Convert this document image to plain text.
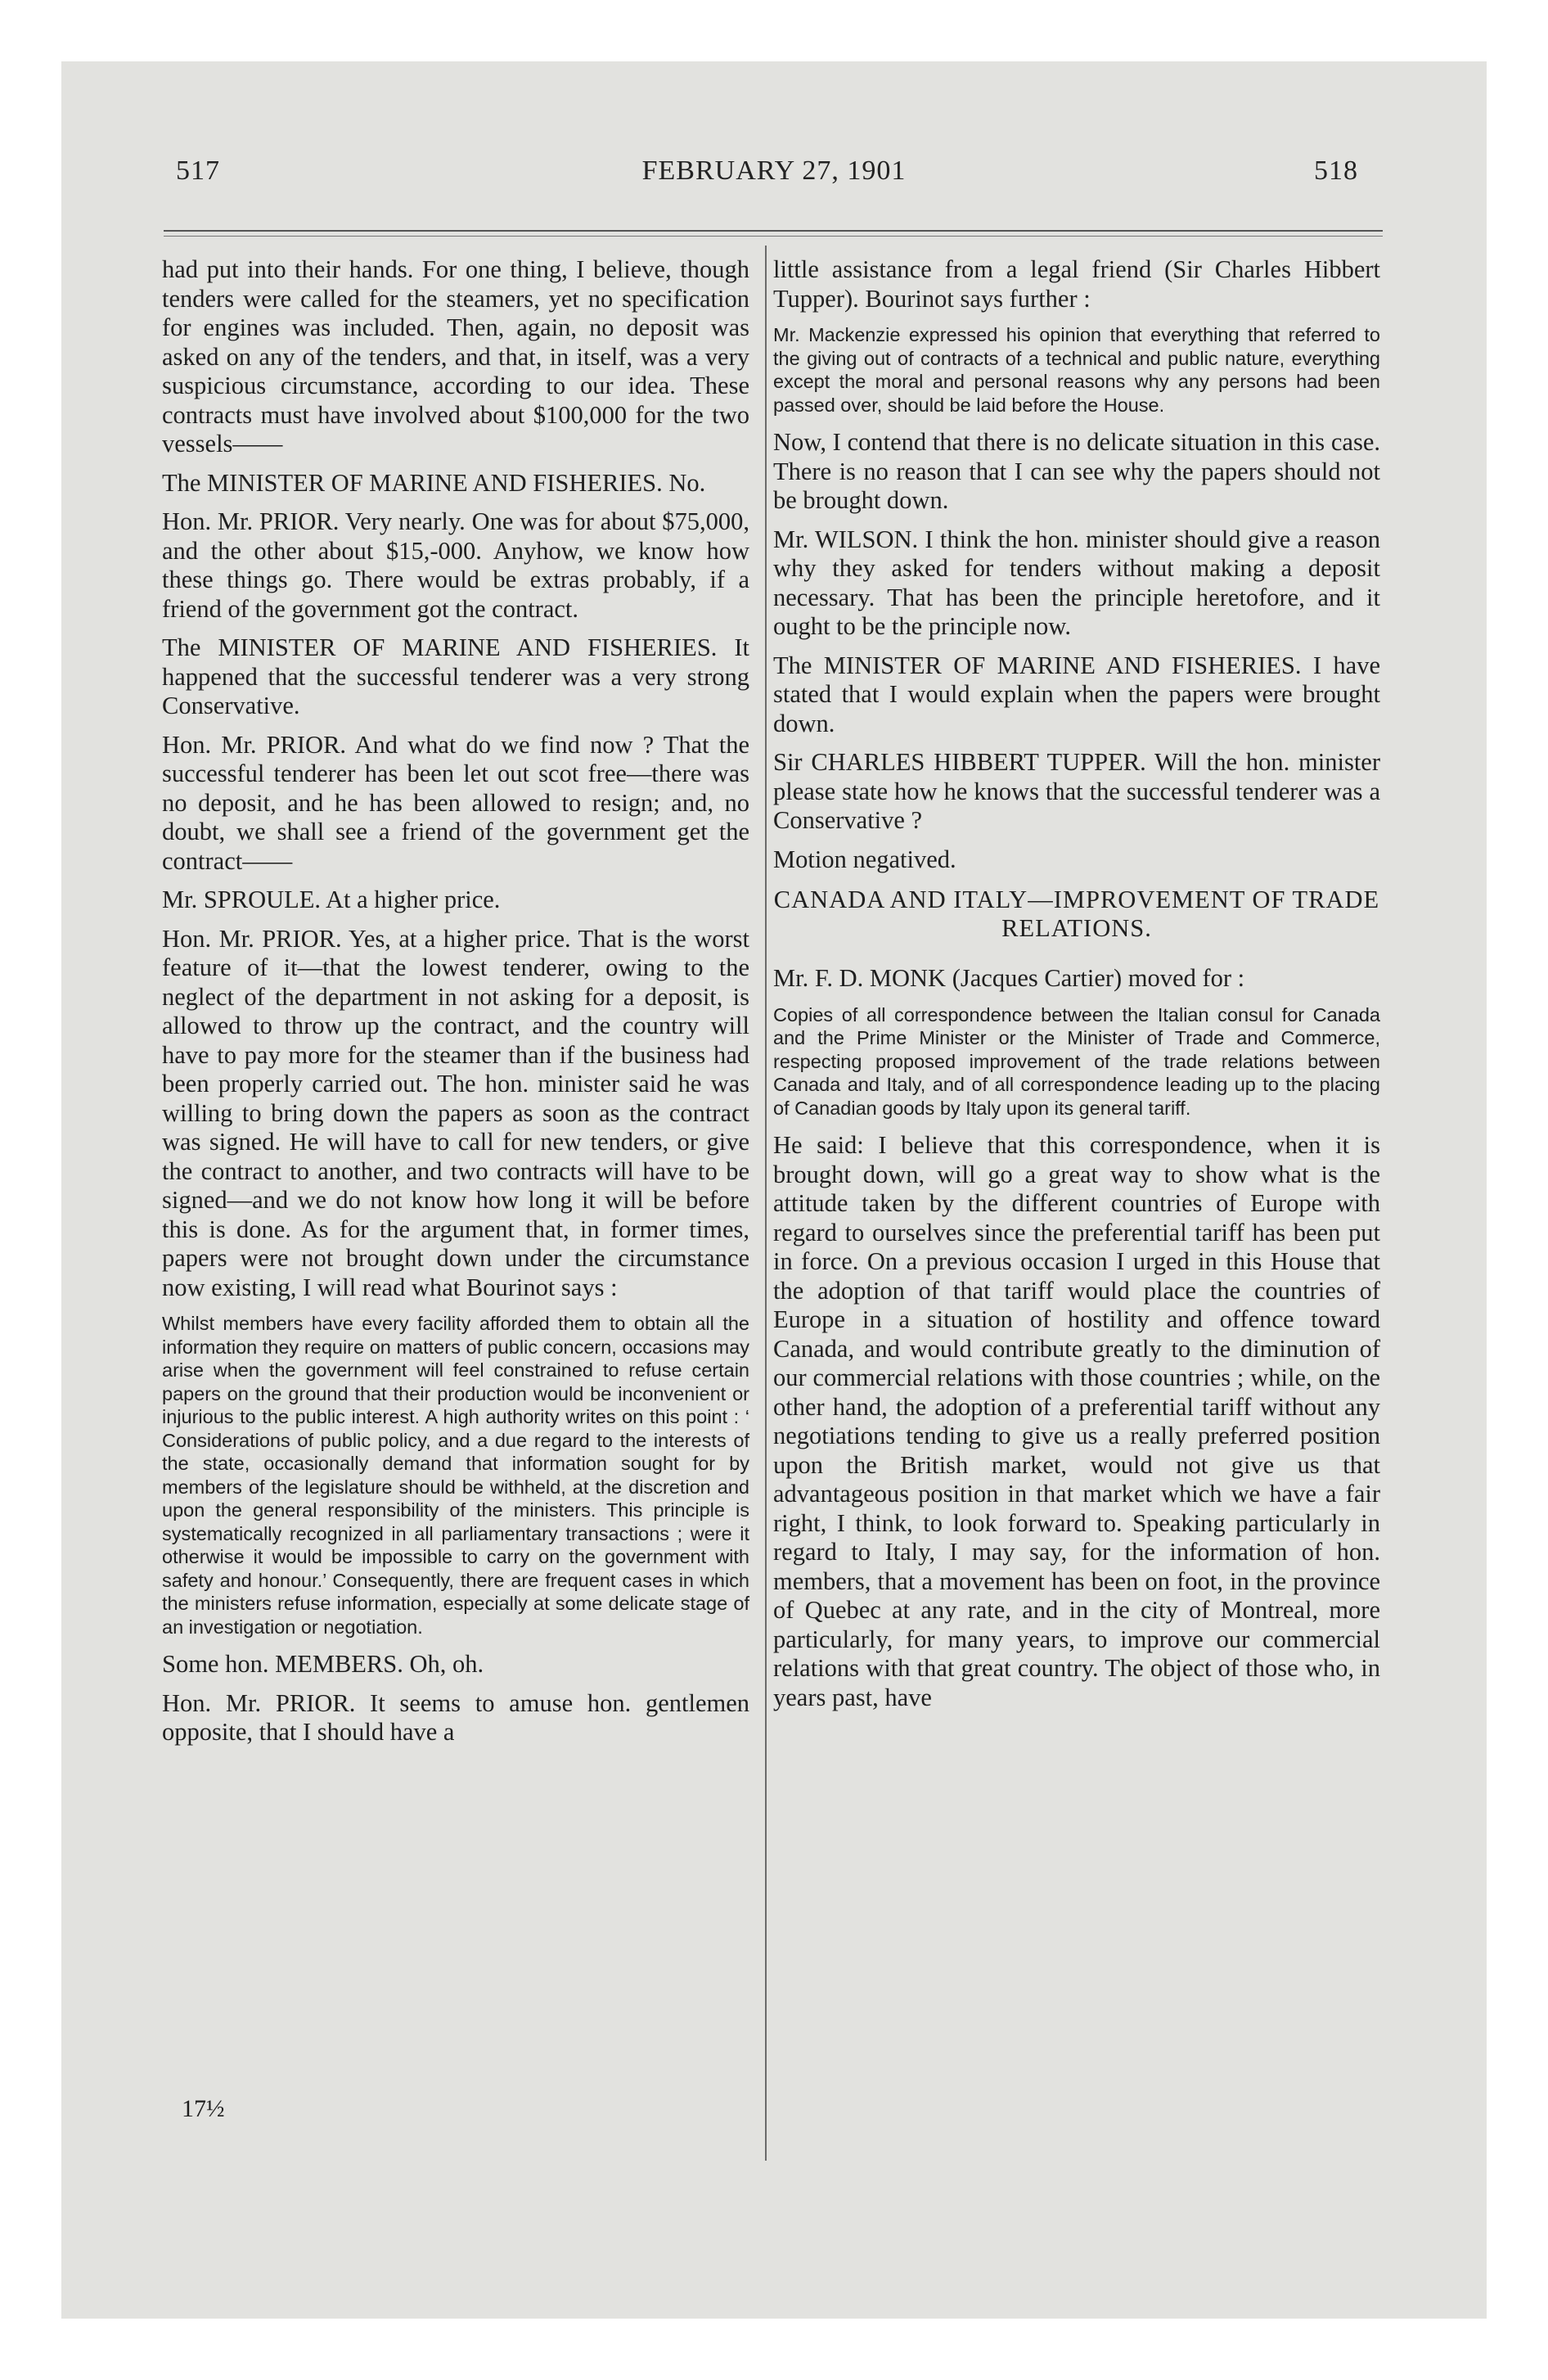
517	FEBRUARY 27, 1901	518

had put into their hands. For one thing, I believe, though tenders were called for the steamers, yet no specification for engines was included. Then, again, no deposit was asked on any of the tenders, and that, in itself, was a very suspicious circumstance, according to our idea. These contracts must have involved about $100,000 for the two vessels——

The MINISTER OF MARINE AND FISHERIES. No.

Hon. Mr. PRIOR. Very nearly. One was for about $75,000, and the other about $15,-000. Anyhow, we know how these things go. There would be extras probably, if a friend of the government got the contract.

The MINISTER OF MARINE AND FISHERIES. It happened that the successful tenderer was a very strong Conservative.

Hon. Mr. PRIOR. And what do we find now ? That the successful tenderer has been let out scot free—there was no deposit, and he has been allowed to resign; and, no doubt, we shall see a friend of the government get the contract——

Mr. SPROULE. At a higher price.

Hon. Mr. PRIOR. Yes, at a higher price. That is the worst feature of it—that the lowest tenderer, owing to the neglect of the department in not asking for a deposit, is allowed to throw up the contract, and the country will have to pay more for the steamer than if the business had been properly carried out. The hon. minister said he was willing to bring down the papers as soon as the contract was signed. He will have to call for new tenders, or give the contract to another, and two contracts will have to be signed—and we do not know how long it will be before this is done. As for the argument that, in former times, papers were not brought down under the circumstance now existing, I will read what Bourinot says :

Whilst members have every facility afforded them to obtain all the information they require on matters of public concern, occasions may arise when the government will feel constrained to refuse certain papers on the ground that their production would be inconvenient or injurious to the public interest. A high authority writes on this point : ‘ Considerations of public policy, and a due regard to the interests of the state, occasionally demand that information sought for by members of the legislature should be withheld, at the discretion and upon the general responsibility of the ministers. This principle is systematically recognized in all parliamentary transactions ; were it otherwise it would be impossible to carry on the government with safety and honour.’ Consequently, there are frequent cases in which the ministers refuse information, especially at some delicate stage of an investigation or negotiation.

Some hon. MEMBERS. Oh, oh.

Hon. Mr. PRIOR. It seems to amuse hon. gentlemen opposite, that I should have a

little assistance from a legal friend (Sir Charles Hibbert Tupper). Bourinot says further :

Mr. Mackenzie expressed his opinion that everything that referred to the giving out of contracts of a technical and public nature, everything except the moral and personal reasons why any persons had been passed over, should be laid before the House.

Now, I contend that there is no delicate situation in this case. There is no reason that I can see why the papers should not be brought down.

Mr. WILSON. I think the hon. minister should give a reason why they asked for tenders without making a deposit necessary. That has been the principle heretofore, and it ought to be the principle now.

The MINISTER OF MARINE AND FISHERIES. I have stated that I would explain when the papers were brought down.

Sir CHARLES HIBBERT TUPPER. Will the hon. minister please state how he knows that the successful tenderer was a Conservative ?

Motion negatived.

CANADA AND ITALY—IMPROVEMENT OF TRADE RELATIONS.

Mr. F. D. MONK (Jacques Cartier) moved for :

Copies of all correspondence between the Italian consul for Canada and the Prime Minister or the Minister of Trade and Commerce, respecting proposed improvement of the trade relations between Canada and Italy, and of all correspondence leading up to the placing of Canadian goods by Italy upon its general tariff.

He said: I believe that this correspondence, when it is brought down, will go a great way to show what is the attitude taken by the different countries of Europe with regard to ourselves since the preferential tariff has been put in force. On a previous occasion I urged in this House that the adoption of that tariff would place the countries of Europe in a situation of hostility and offence toward Canada, and would contribute greatly to the diminution of our commercial relations with those countries ; while, on the other hand, the adoption of a preferential tariff without any negotiations tending to give us a really preferred position upon the British market, would not give us that advantageous position in that market which we have a fair right, I think, to look forward to. Speaking particularly in regard to Italy, I may say, for the information of hon. members, that a movement has been on foot, in the province of Quebec at any rate, and in the city of Montreal, more particularly, for many years, to improve our commercial relations with that great country. The object of those who, in years past, have

17½
